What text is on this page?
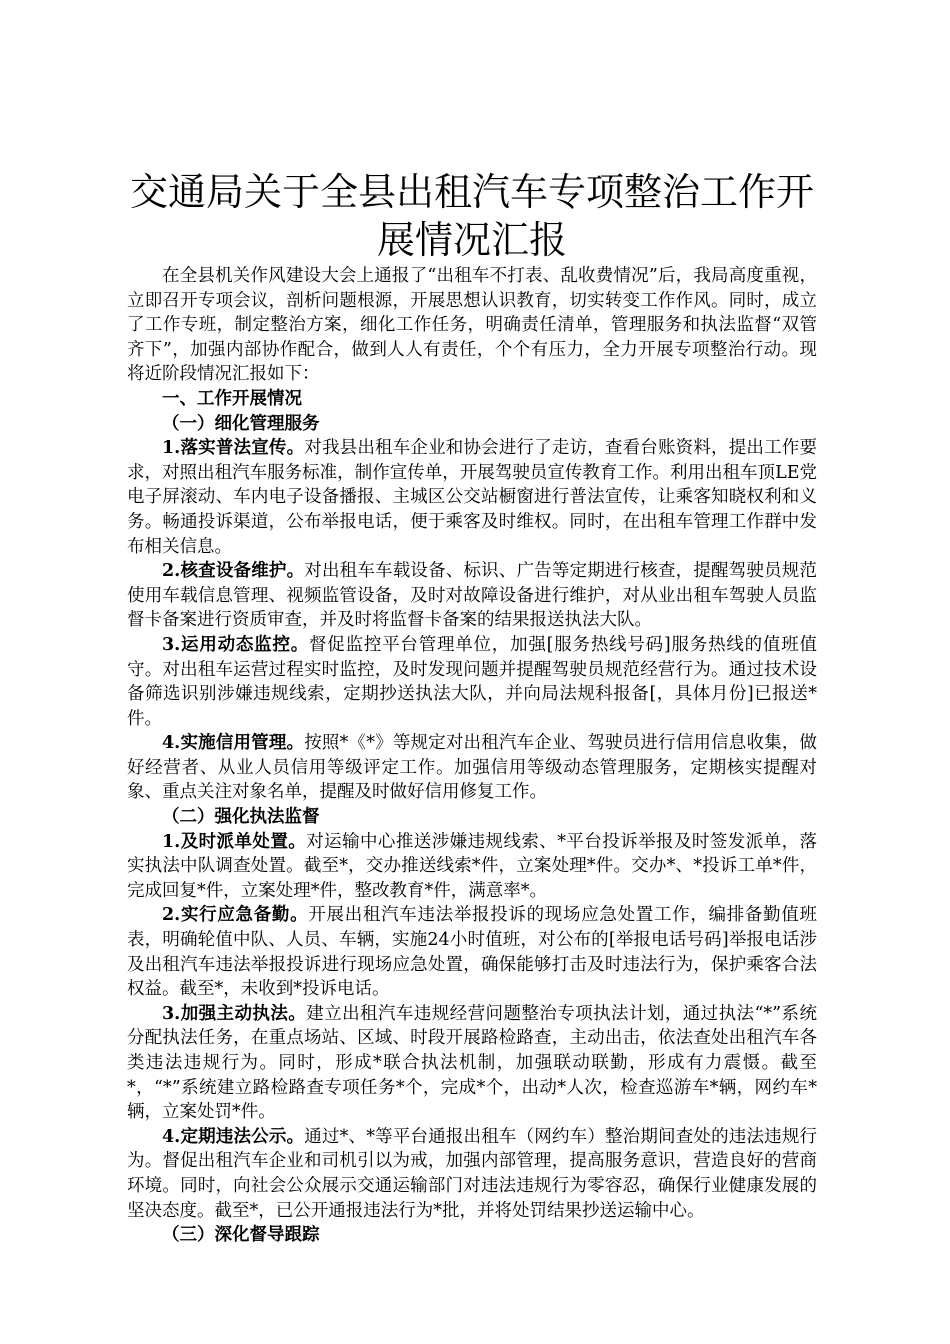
交通局关于全县出租汽车专项整治工作开展情况汇报

在全县机关作风建设大会上通报了“出租车不打表、乱收费情况”后，我局高度重视，立即召开专项会议，剖析问题根源，开展思想认识教育，切实转变工作作风。同时，成立了工作专班，制定整治方案，细化工作任务，明确责任清单，管理服务和执法监督“双管齐下”，加强内部协作配合，做到人人有责任，个个有压力，全力开展专项整治行动。现将近阶段情况汇报如下：

一、工作开展情况

（一）细化管理服务

1.落实普法宣传。对我县出租车企业和协会进行了走访，查看台账资料，提出工作要求，对照出租汽车服务标准，制作宣传单，开展驾驶员宣传教育工作。利用出租车顶LE党电子屏滚动、车内电子设备播报、主城区公交站橱窗进行普法宣传，让乘客知晓权利和义务。畅通投诉渠道，公布举报电话，便于乘客及时维权。同时，在出租车管理工作群中发布相关信息。

2.核查设备维护。对出租车车载设备、标识、广告等定期进行核查，提醒驾驶员规范使用车载信息管理、视频监管设备，及时对故障设备进行维护，对从业出租车驾驶人员监督卡备案进行资质审查，并及时将监督卡备案的结果报送执法大队。

3.运用动态监控。督促监控平台管理单位，加强[服务热线号码]服务热线的值班值守。对出租车运营过程实时监控，及时发现问题并提醒驾驶员规范经营行为。通过技术设备筛选识别涉嫌违规线索，定期抄送执法大队，并向局法规科报备[，具体月份]已报送*件。

4.实施信用管理。按照*《*》等规定对出租汽车企业、驾驶员进行信用信息收集，做好经营者、从业人员信用等级评定工作。加强信用等级动态管理服务，定期核实提醒对象、重点关注对象名单，提醒及时做好信用修复工作。

（二）强化执法监督

1.及时派单处置。对运输中心推送涉嫌违规线索、*平台投诉举报及时签发派单，落实执法中队调查处置。截至*，交办推送线索*件，立案处理*件。交办*、*投诉工单*件，完成回复*件，立案处理*件，整改教育*件，满意率*。

2.实行应急备勤。开展出租汽车违法举报投诉的现场应急处置工作，编排备勤值班表，明确轮值中队、人员、车辆，实施24小时值班，对公布的[举报电话号码]举报电话涉及出租汽车违法举报投诉进行现场应急处置，确保能够打击及时违法行为，保护乘客合法权益。截至*，未收到*投诉电话。

3.加强主动执法。建立出租汽车违规经营问题整治专项执法计划，通过执法“*”系统分配执法任务，在重点场站、区域、时段开展路检路查，主动出击，依法查处出租汽车各类违法违规行为。同时，形成*联合执法机制，加强联动联勤，形成有力震慑。截至*，“*”系统建立路检路查专项任务*个，完成*个，出动*人次，检查巡游车*辆，网约车*辆，立案处罚*件。

4.定期违法公示。通过*、*等平台通报出租车（网约车）整治期间查处的违法违规行为。督促出租汽车企业和司机引以为戒，加强内部管理，提高服务意识，营造良好的营商环境。同时，向社会公众展示交通运输部门对违法违规行为零容忍，确保行业健康发展的坚决态度。截至*，已公开通报违法行为*批，并将处罚结果抄送运输中心。

（三）深化督导跟踪
